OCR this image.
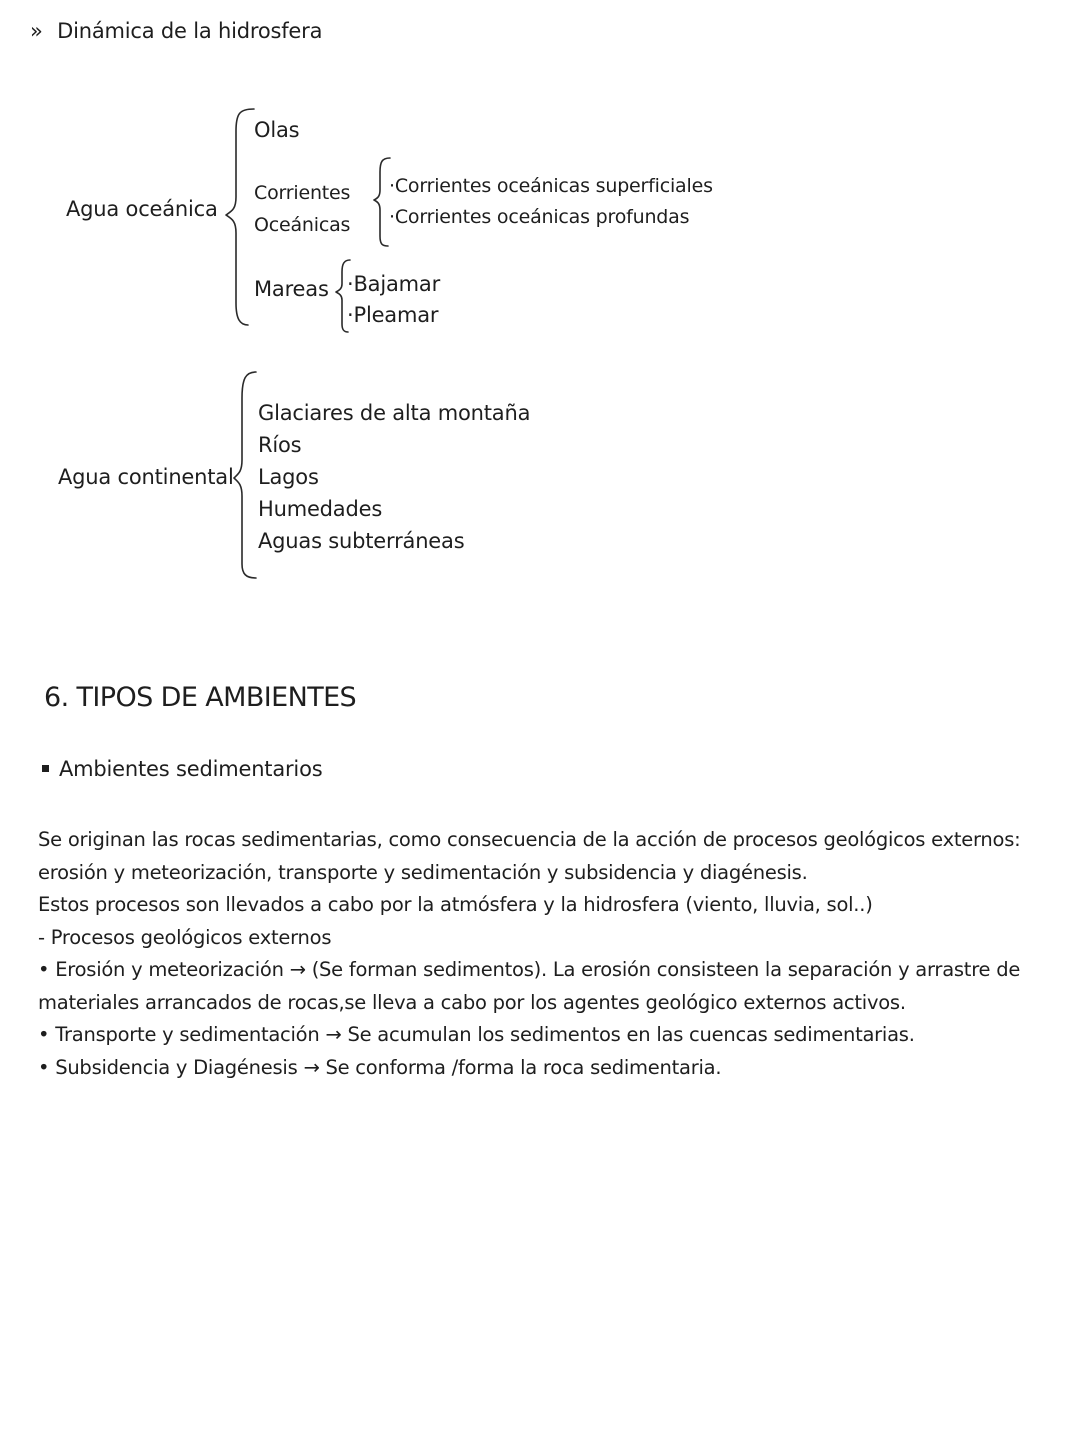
» Dinámica de la hidrosfera
Agua oceánica
Olas
Corrientes
Oceánicas
·Corrientes oceánicas superficiales
·Corrientes oceánicas profundas
Mareas ·Bajamar
·Pleamar
Agua continental
Glaciares de alta montaña
Ríos
Lagos
Humedades
Aguas subterráneas
6. TIPOS DE AMBIENTES
Ambientes sedimentarios
Se originan las rocas sedimentarias, como consecuencia de la acción de procesos geológicos externos:
erosión y meteorización, transporte y sedimentación y subsidencia y diagénesis.
Estos procesos son llevados a cabo por la atmósfera y la hidrosfera (viento, lluvia, sol..)
- Procesos geológicos externos
• Erosión y meteorización → (Se forman sedimentos). La erosión consisteen la separación y arrastre de
materiales arrancados de rocas,se lleva a cabo por los agentes geológico externos activos.
• Transporte y sedimentación → Se acumulan los sedimentos en las cuencas sedimentarias.
• Subsidencia y Diagénesis → Se conforma /forma la roca sedimentaria.
